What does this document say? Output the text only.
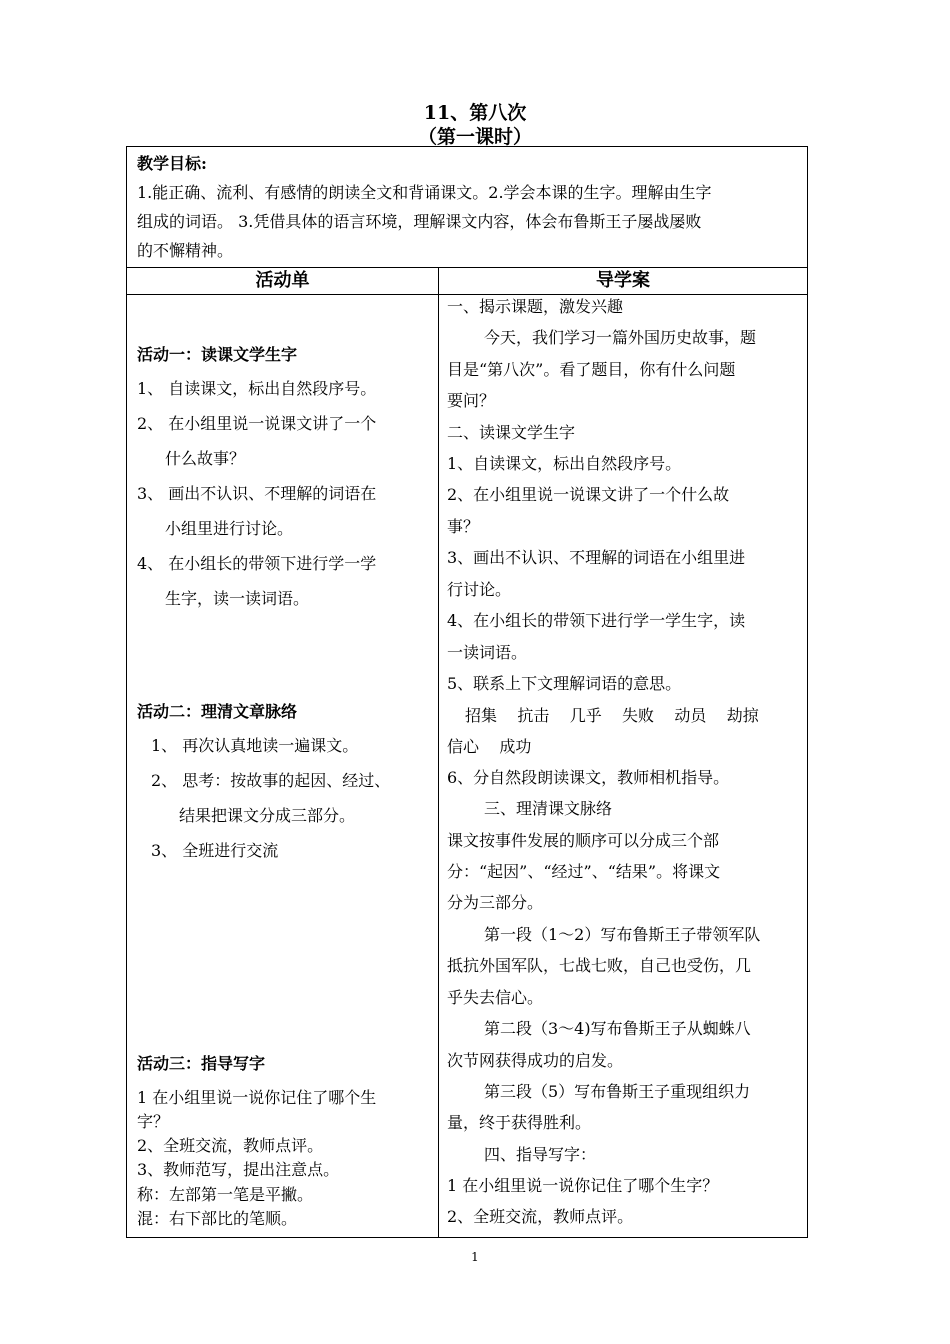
11、第八次
（第一课时）
教学目标:
1.能正确、流利、有感情的朗读全文和背诵课文。2.学会本课的生字。理解由生字
组成的词语。 3.凭借具体的语言环境，理解课文内容，体会布鲁斯王子屡战屡败
的不懈精神。
活动单	导学案
活动一：读课文学生字
1、 自读课文，标出自然段序号。
2、 在小组里说一说课文讲了一个
什么故事？
3、 画出不认识、不理解的词语在
小组里进行讨论。
4、 在小组长的带领下进行学一学
生字，读一读词语。
活动二：理清文章脉络
1、 再次认真地读一遍课文。
2、 思考：按故事的起因、经过、
结果把课文分成三部分。
3、 全班进行交流
活动三：指导写字
1 在小组里说一说你记住了哪个生
字？
2、全班交流，教师点评。
3、教师范写，提出注意点。
称：左部第一笔是平撇。
混：右下部比的笔顺。
一、揭示课题，激发兴趣
今天，我们学习一篇外国历史故事，题
目是“第八次”。看了题目，你有什么问题
要问？
二、读课文学生字
1、自读课文，标出自然段序号。
2、在小组里说一说课文讲了一个什么故
事？
3、画出不认识、不理解的词语在小组里进
行讨论。
4、在小组长的带领下进行学一学生字，读
一读词语。
5、联系上下文理解词语的意思。
招集    抗击    几乎    失败    动员    劫掠
信心    成功
6、分自然段朗读课文，教师相机指导。
三、理清课文脉络
课文按事件发展的顺序可以分成三个部
分：“起因”、“经过”、“结果”。将课文
分为三部分。
第一段（1～2）写布鲁斯王子带领军队
抵抗外国军队，七战七败，自己也受伤，几
乎失去信心。
第二段（3～4)写布鲁斯王子从蜘蛛八
次节网获得成功的启发。
第三段（5）写布鲁斯王子重现组织力
量，终于获得胜利。
四、指导写字：
1 在小组里说一说你记住了哪个生字？
2、全班交流，教师点评。
1
